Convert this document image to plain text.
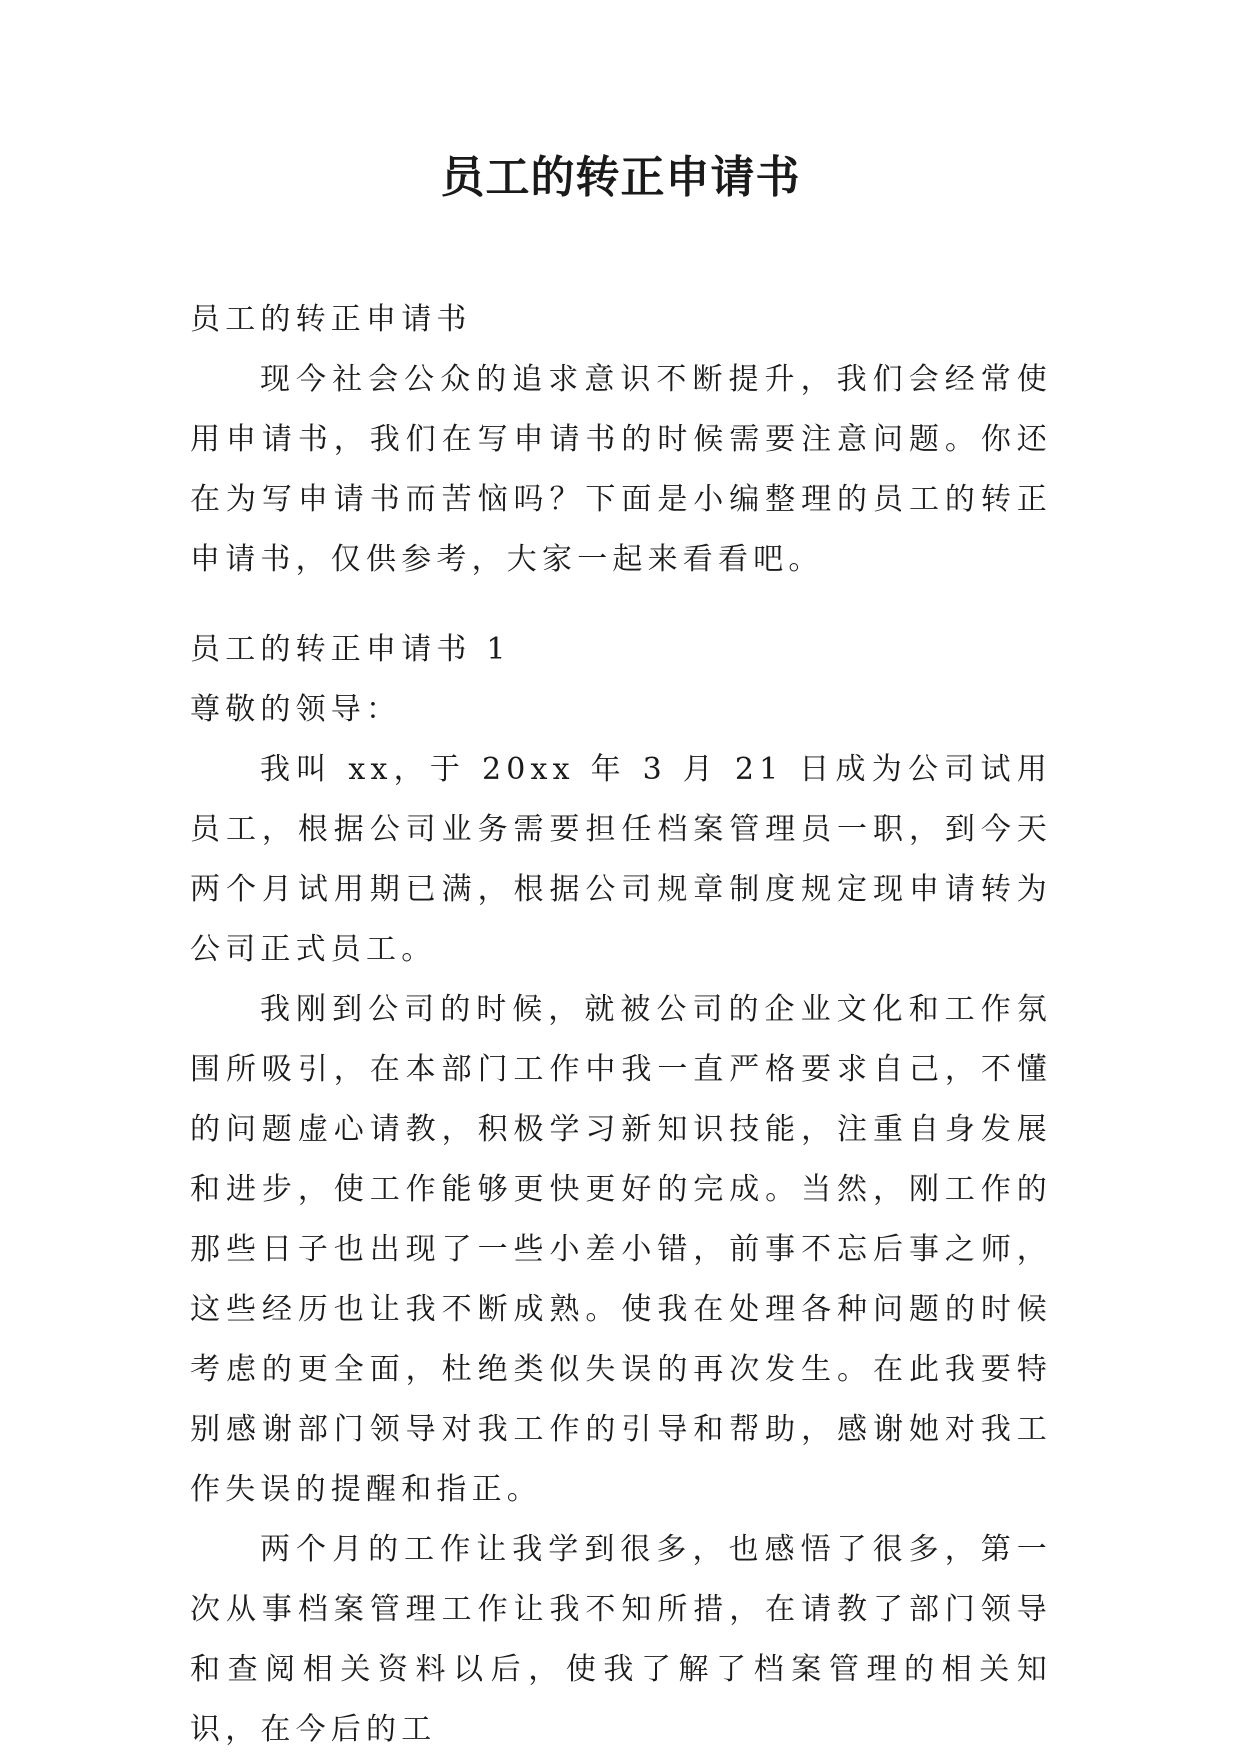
员工的转正申请书

员工的转正申请书

现今社会公众的追求意识不断提升，我们会经常使用申请书，我们在写申请书的时候需要注意问题。你还在为写申请书而苦恼吗？下面是小编整理的员工的转正申请书，仅供参考，大家一起来看看吧。

员工的转正申请书 1

尊敬的领导：

我叫 xx，于 20xx 年 3 月 21 日成为公司试用员工，根据公司业务需要担任档案管理员一职，到今天两个月试用期已满，根据公司规章制度规定现申请转为公司正式员工。

我刚到公司的时候，就被公司的企业文化和工作氛围所吸引，在本部门工作中我一直严格要求自己，不懂的问题虚心请教，积极学习新知识技能，注重自身发展和进步，使工作能够更快更好的完成。当然，刚工作的那些日子也出现了一些小差小错，前事不忘后事之师，这些经历也让我不断成熟。使我在处理各种问题的时候考虑的更全面，杜绝类似失误的再次发生。在此我要特别感谢部门领导对我工作的引导和帮助，感谢她对我工作失误的提醒和指正。

两个月的工作让我学到很多，也感悟了很多，第一次从事档案管理工作让我不知所措，在请教了部门领导和查阅相关资料以后，使我了解了档案管理的相关知识，在今后的工
